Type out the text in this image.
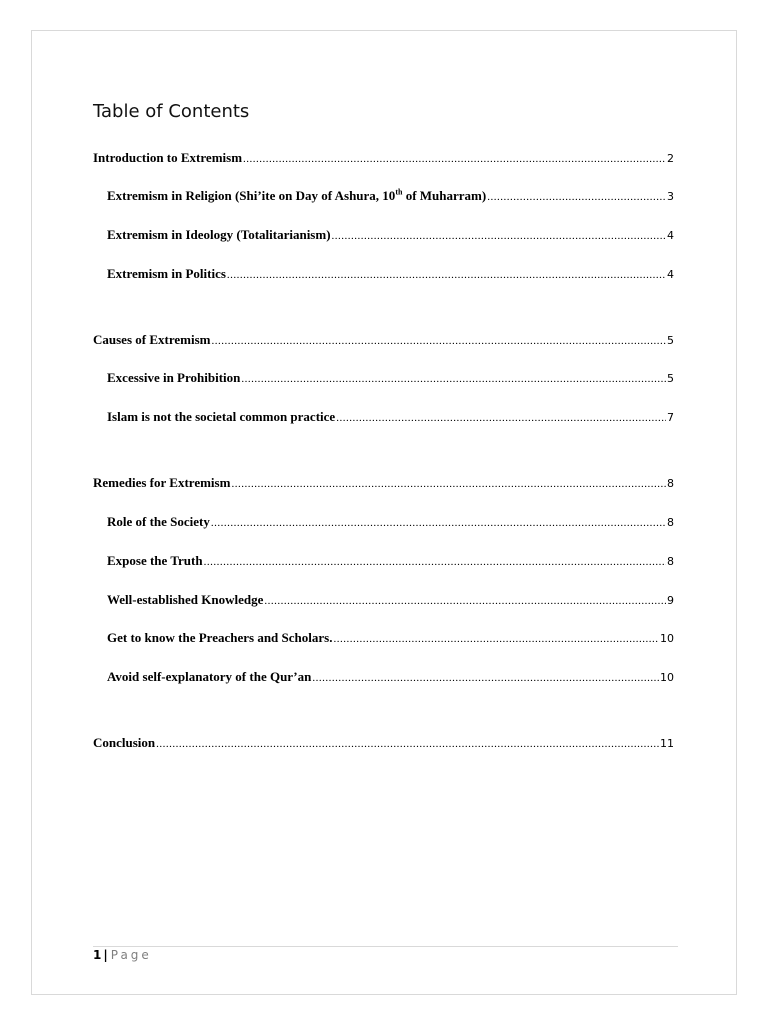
Table of Contents
Introduction to Extremism .....	2
Extremism in Religion (Shi’ite on Day of Ashura, 10th of Muharram) .....	3
Extremism in Ideology (Totalitarianism) .....	4
Extremism in Politics .....	4
Causes of Extremism .....	5
Excessive in Prohibition .....	5
Islam is not the societal common practice .....	7
Remedies for Extremism .....	8
Role of the Society .....	8
Expose the Truth .....	8
Well-established Knowledge .....	9
Get to know the Preachers and Scholars. .....	10
Avoid self-explanatory of the Qur’an .....	10
Conclusion .....	11
1 | Page
